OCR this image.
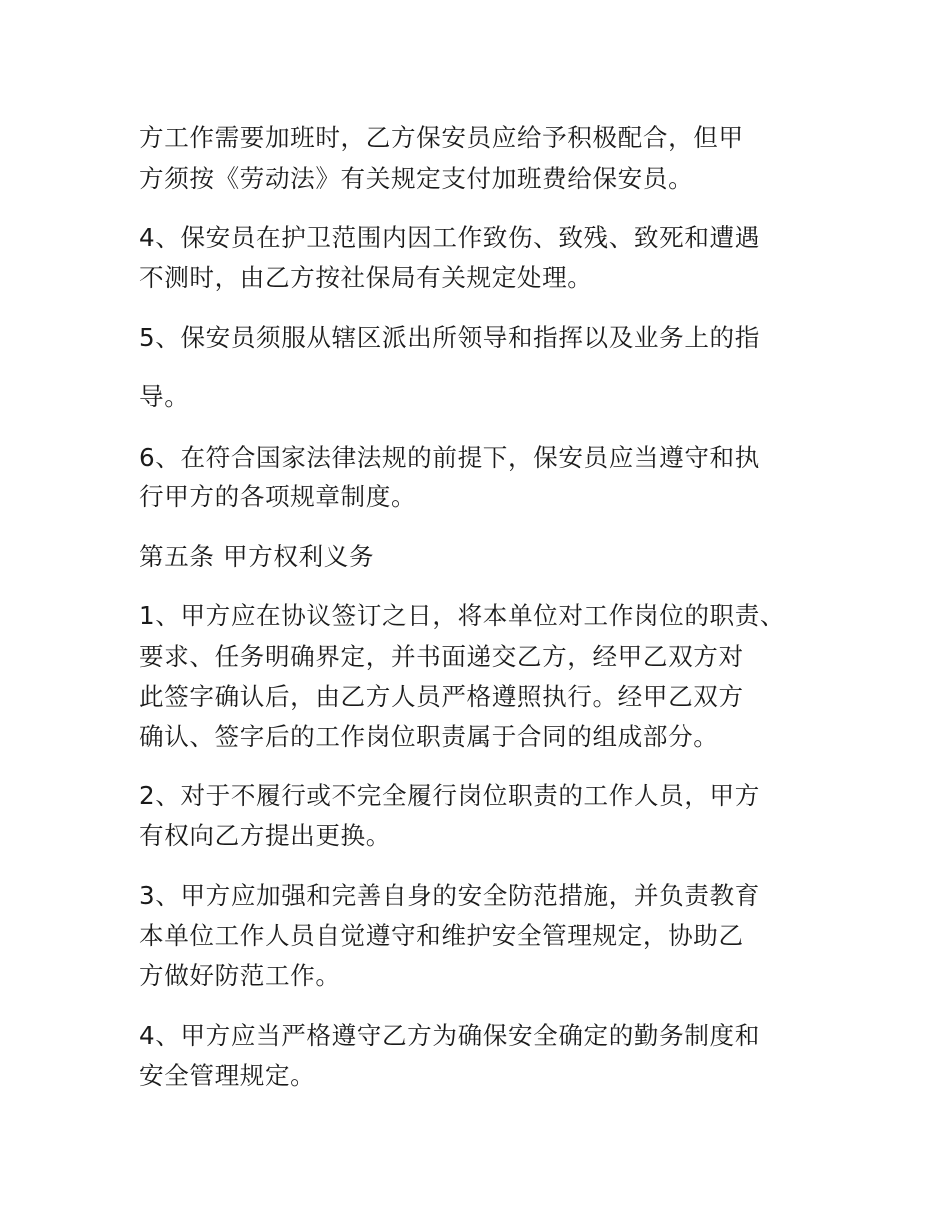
方工作需要加班时，乙方保安员应给予积极配合，但甲
方须按《劳动法》有关规定支付加班费给保安员。
4、保安员在护卫范围内因工作致伤、致残、致死和遭遇
不测时，由乙方按社保局有关规定处理。
5、保安员须服从辖区派出所领导和指挥以及业务上的指
导。
6、在符合国家法律法规的前提下，保安员应当遵守和执
行甲方的各项规章制度。
第五条 甲方权利义务
1、甲方应在协议签订之日，将本单位对工作岗位的职责、
要求、任务明确界定，并书面递交乙方，经甲乙双方对
此签字确认后，由乙方人员严格遵照执行。经甲乙双方
确认、签字后的工作岗位职责属于合同的组成部分。
2、对于不履行或不完全履行岗位职责的工作人员，甲方
有权向乙方提出更换。
3、甲方应加强和完善自身的安全防范措施，并负责教育
本单位工作人员自觉遵守和维护安全管理规定，协助乙
方做好防范工作。
4、甲方应当严格遵守乙方为确保安全确定的勤务制度和
安全管理规定。
